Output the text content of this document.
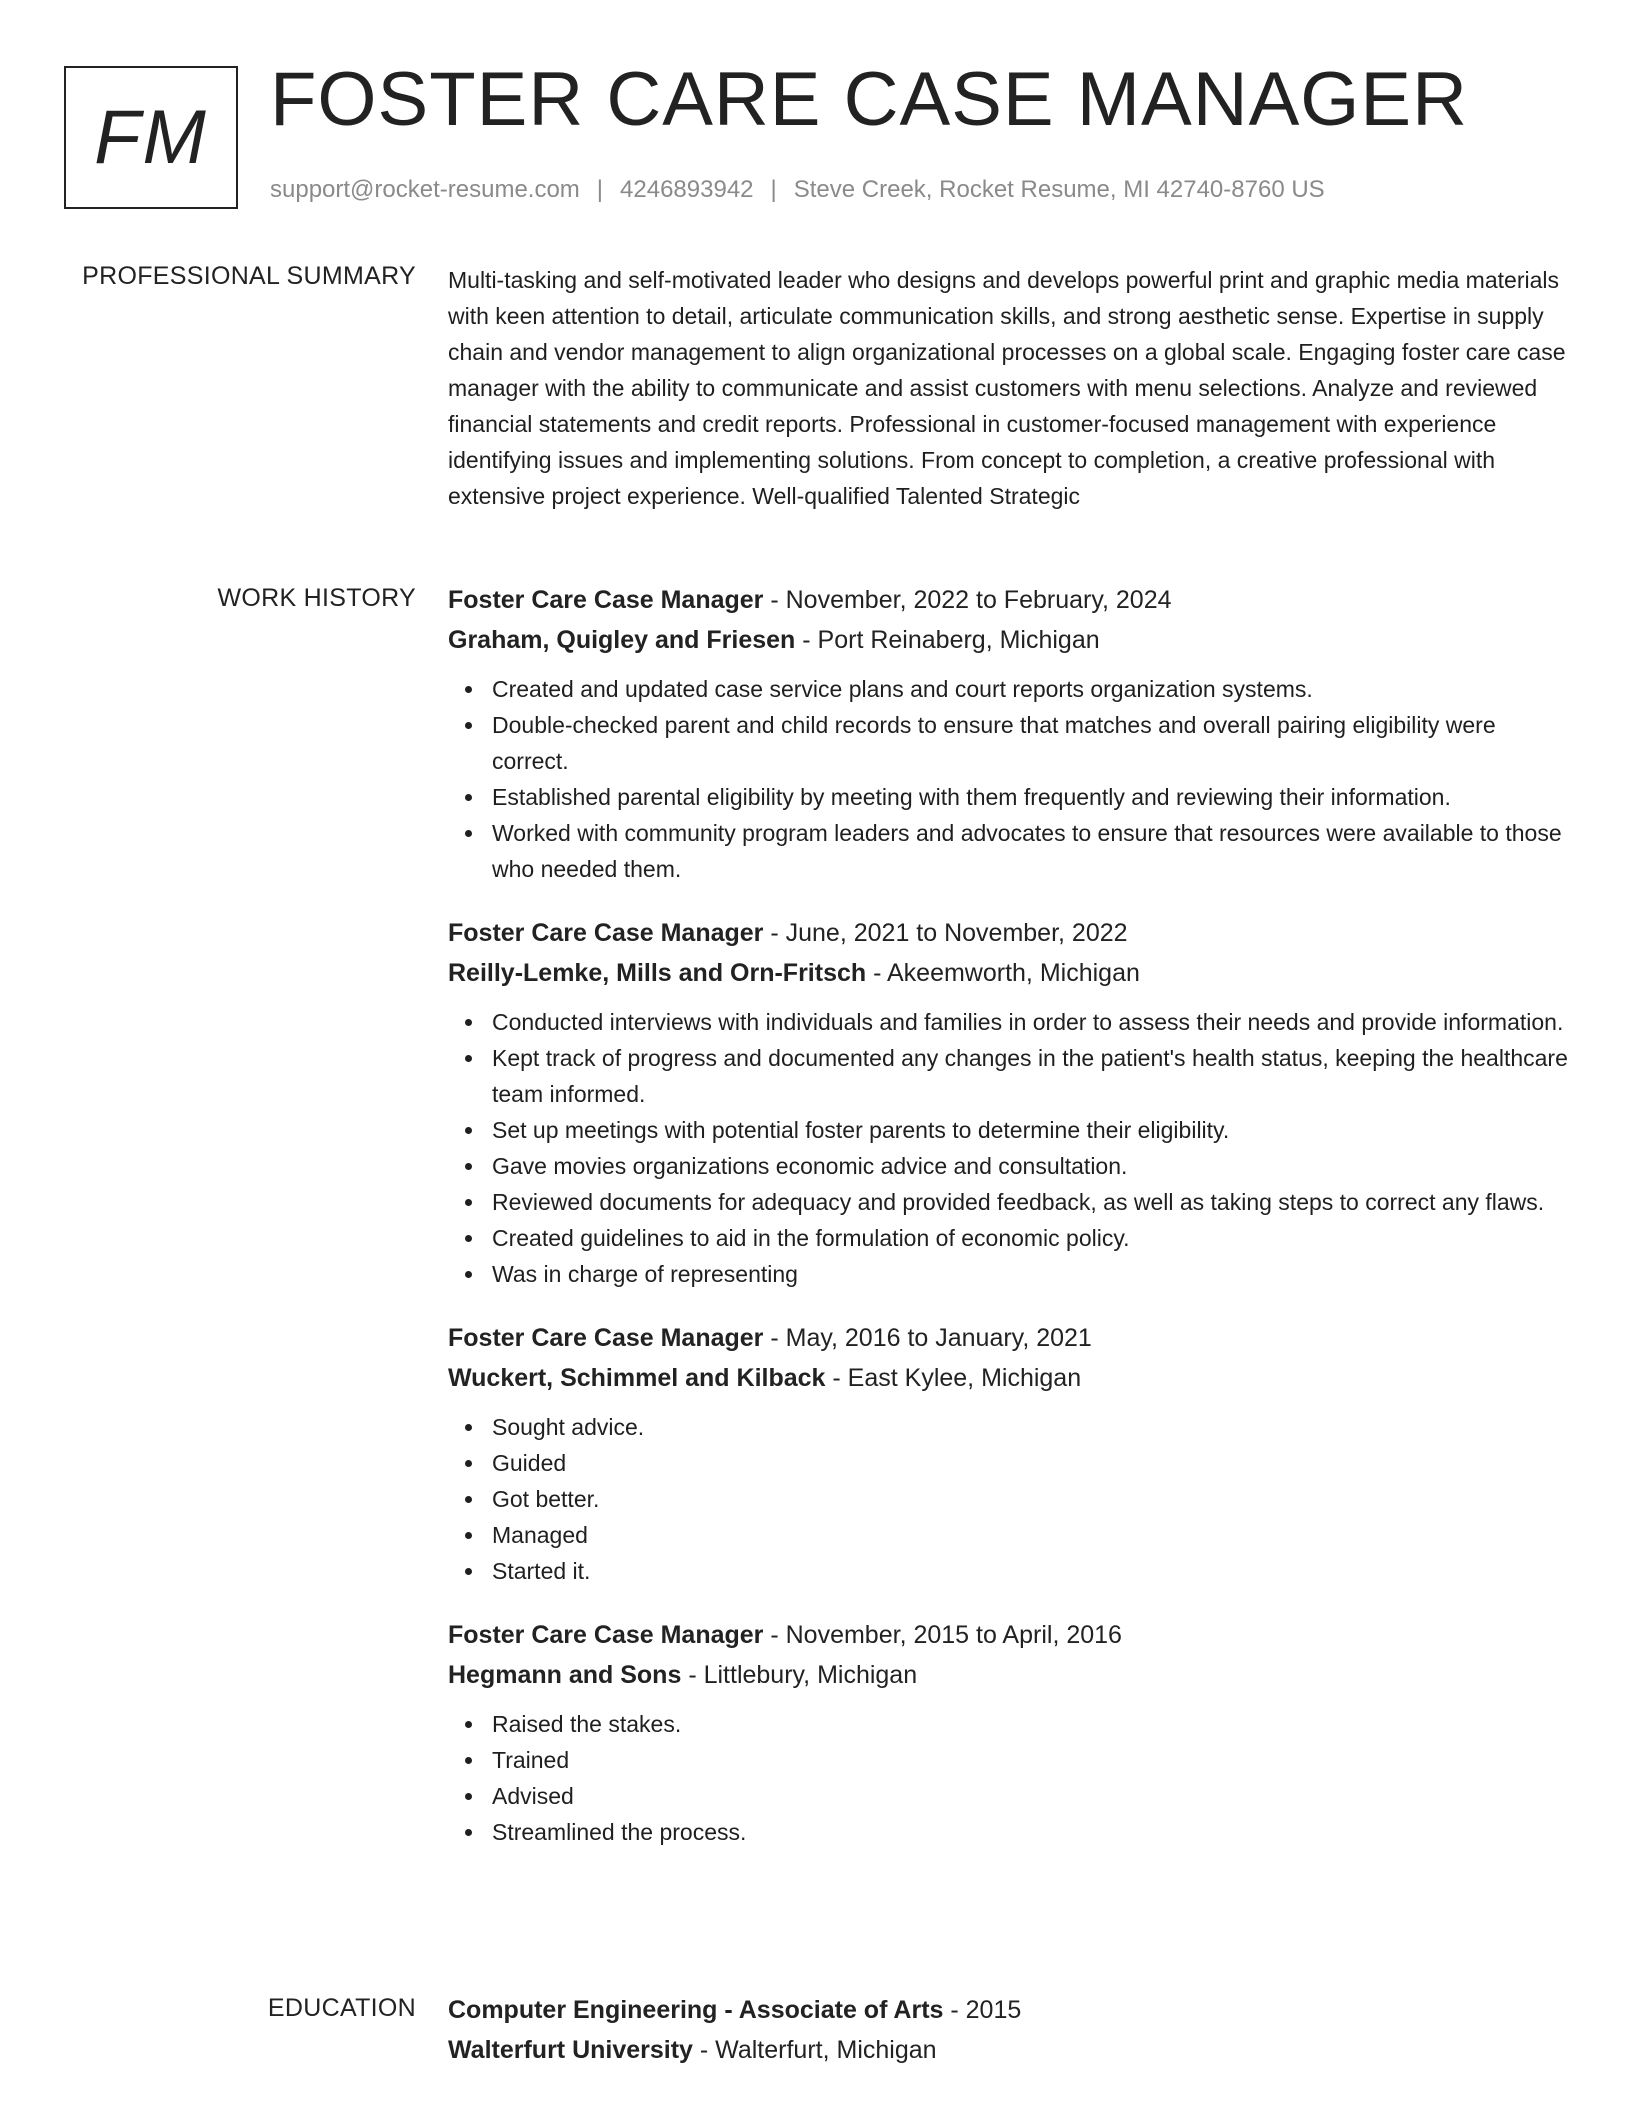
FM FOSTER CARE CASE MANAGER
support@rocket-resume.com | 4246893942 | Steve Creek, Rocket Resume, MI 42740-8760 US
PROFESSIONAL SUMMARY Multi-tasking and self-motivated leader who designs and develops powerful print and graphic media materials with keen attention to detail, articulate communication skills, and strong aesthetic sense. Expertise in supply chain and vendor management to align organizational processes on a global scale. Engaging foster care case manager with the ability to communicate and assist customers with menu selections. Analyze and reviewed financial statements and credit reports. Professional in customer-focused management with experience identifying issues and implementing solutions. From concept to completion, a creative professional with extensive project experience. Well-qualified Talented Strategic

WORK HISTORY Foster Care Case Manager - November, 2022 to February, 2024
Graham, Quigley and Friesen - Port Reinaberg, Michigan
Created and updated case service plans and court reports organization systems.
Double-checked parent and child records to ensure that matches and overall pairing eligibility were correct.
Established parental eligibility by meeting with them frequently and reviewing their information.
Worked with community program leaders and advocates to ensure that resources were available to those who needed them.
Foster Care Case Manager - June, 2021 to November, 2022
Reilly-Lemke, Mills and Orn-Fritsch - Akeemworth, Michigan
Conducted interviews with individuals and families in order to assess their needs and provide information.
Kept track of progress and documented any changes in the patient's health status, keeping the healthcare team informed.
Set up meetings with potential foster parents to determine their eligibility.
Gave movies organizations economic advice and consultation.
Reviewed documents for adequacy and provided feedback, as well as taking steps to correct any flaws.
Created guidelines to aid in the formulation of economic policy.
Was in charge of representing
Foster Care Case Manager - May, 2016 to January, 2021
Wuckert, Schimmel and Kilback - East Kylee, Michigan
Sought advice.
Guided
Got better.
Managed
Started it.
Foster Care Case Manager - November, 2015 to April, 2016
Hegmann and Sons - Littlebury, Michigan
Raised the stakes.
Trained
Advised
Streamlined the process.
EDUCATION Computer Engineering - Associate of Arts - 2015
Walterfurt University - Walterfurt, Michigan
